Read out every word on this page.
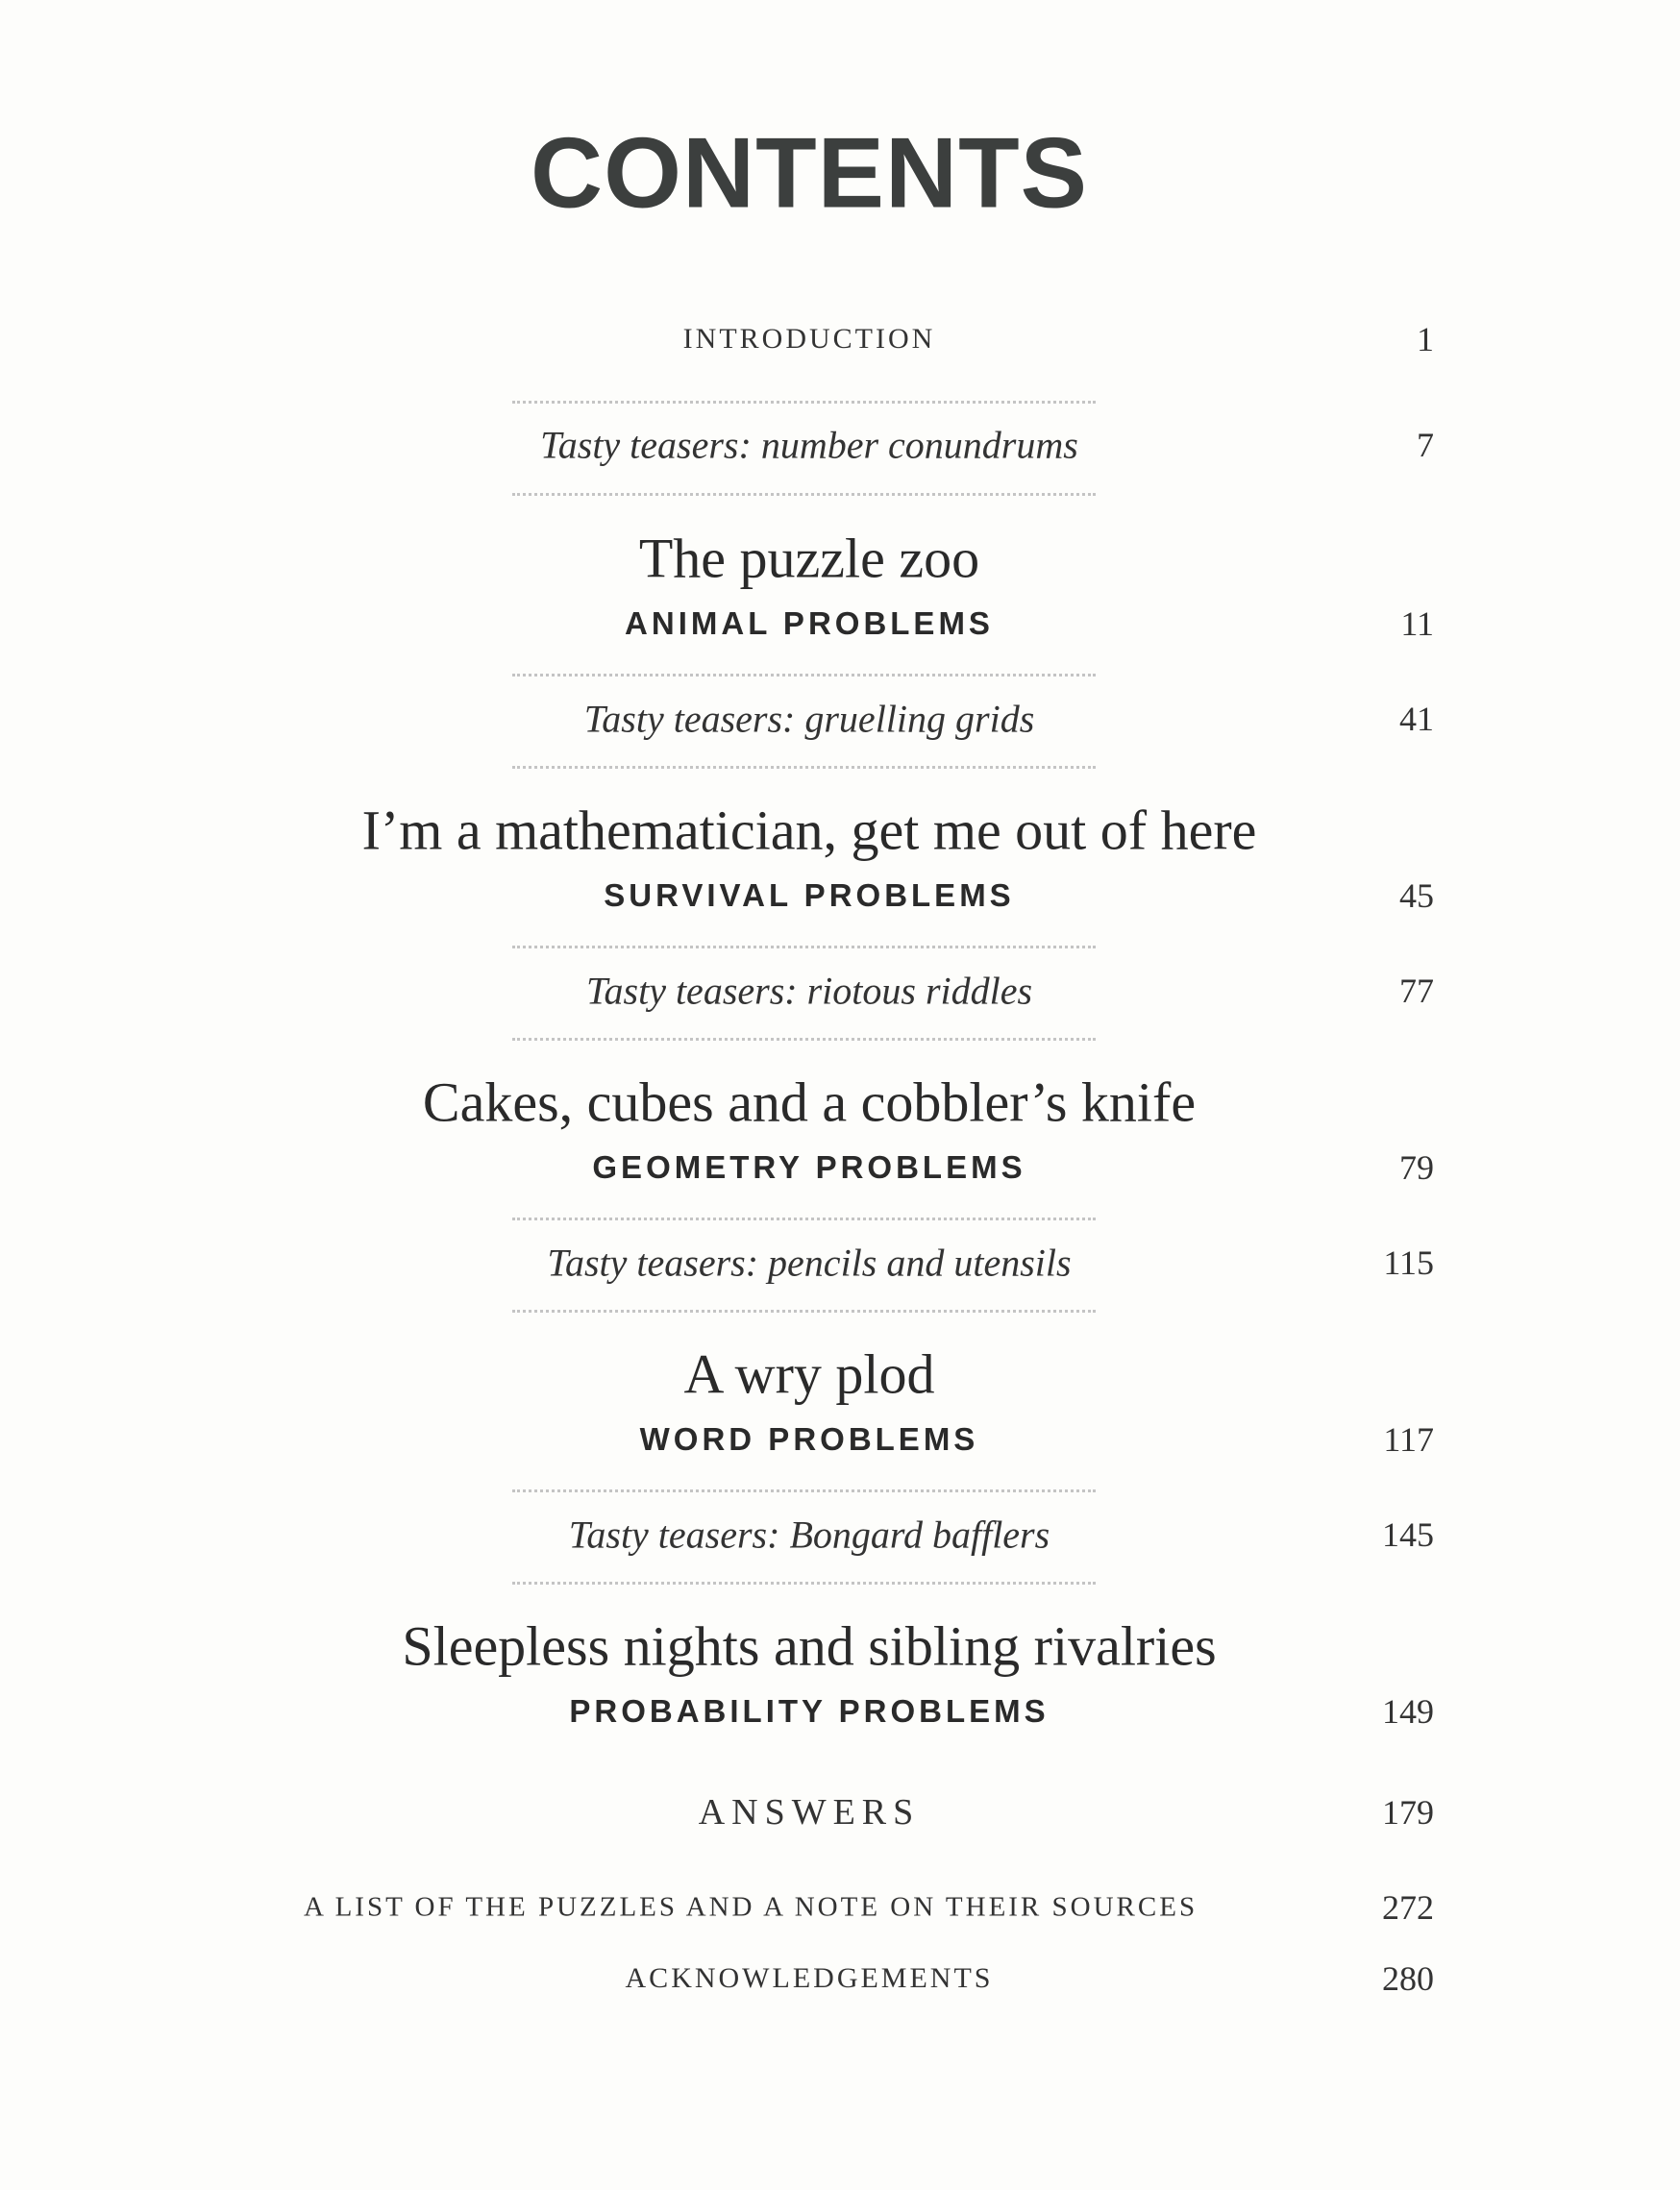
CONTENTS
INTRODUCTION	1
Tasty teasers: number conundrums	7
The puzzle zoo
ANIMAL PROBLEMS	11
Tasty teasers: gruelling grids	41
I’m a mathematician, get me out of here
SURVIVAL PROBLEMS	45
Tasty teasers: riotous riddles	77
Cakes, cubes and a cobbler’s knife
GEOMETRY PROBLEMS	79
Tasty teasers: pencils and utensils	115
A wry plod
WORD PROBLEMS	117
Tasty teasers: Bongard bafflers	145
Sleepless nights and sibling rivalries
PROBABILITY PROBLEMS	149
ANSWERS	179
A LIST OF THE PUZZLES AND A NOTE ON THEIR SOURCES	272
ACKNOWLEDGEMENTS	280
